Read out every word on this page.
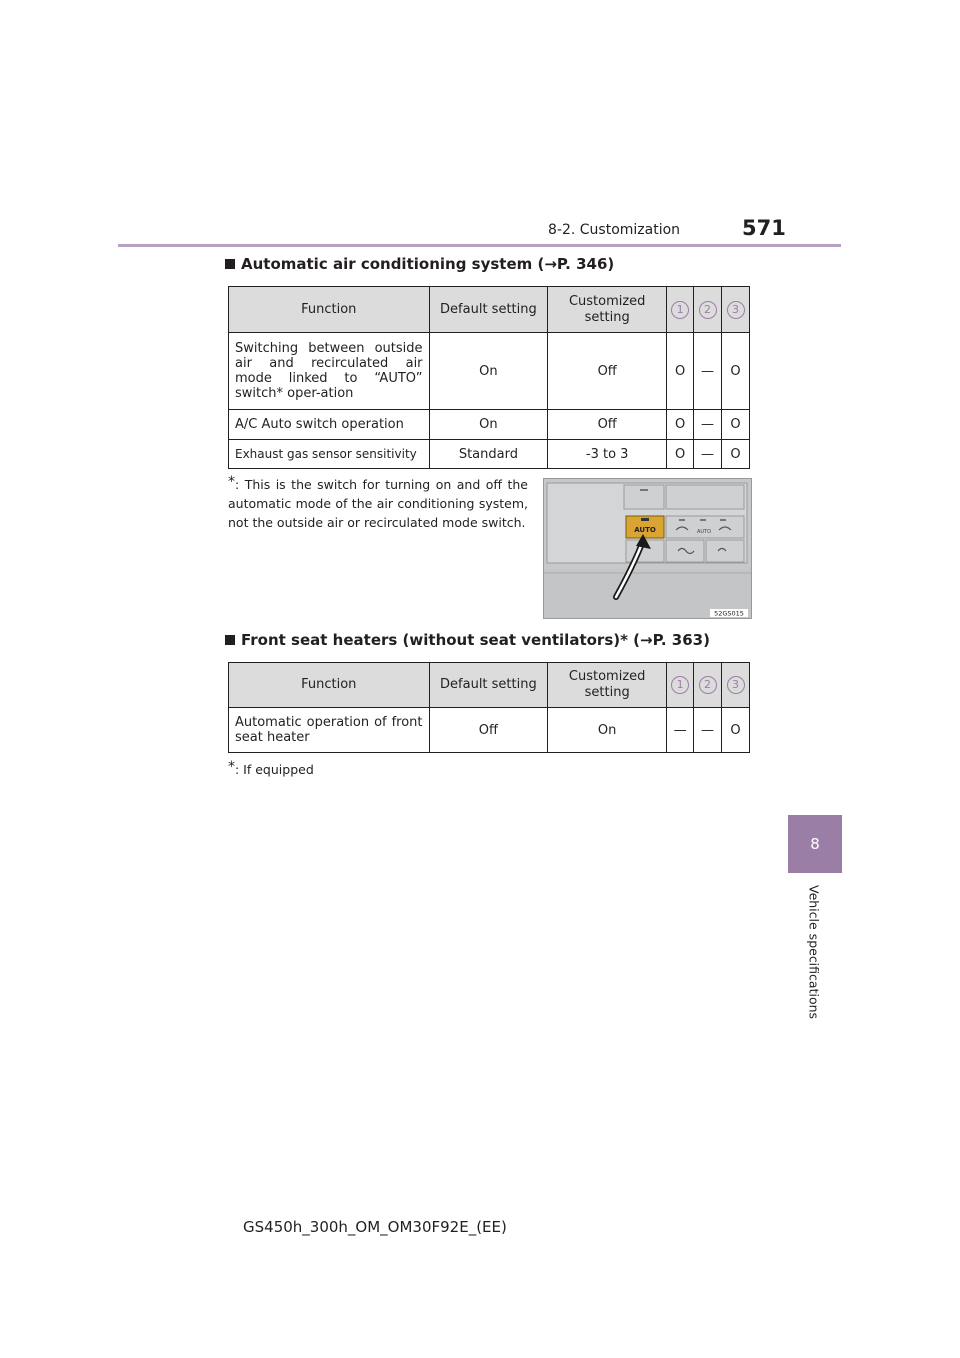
8-2. Customization	571
8
Vehicle specifications
Automatic air conditioning system (→P. 346)
Function	Default setting	Customized setting	1	2	3
Switching between outside air and recirculated air mode linked to “AUTO” switch* oper-ation	On	Off	O	—	O
A/C Auto switch operation	On	Off	O	—	O
Exhaust gas sensor sensitivity	Standard	-3 to 3	O	—	O
*: This is the switch for turning on and off the automatic mode of the air conditioning system, not the outside air or recirculated mode switch.	AUTO	AUTO
52GS015
Front seat heaters (without seat ventilators)* (→P. 363)
Function	Default setting	Customized setting	1	2	3
Automatic operation of front seat heater	Off	On	—	—	O
*: If equipped
GS450h_300h_OM_OM30F92E_(EE)
